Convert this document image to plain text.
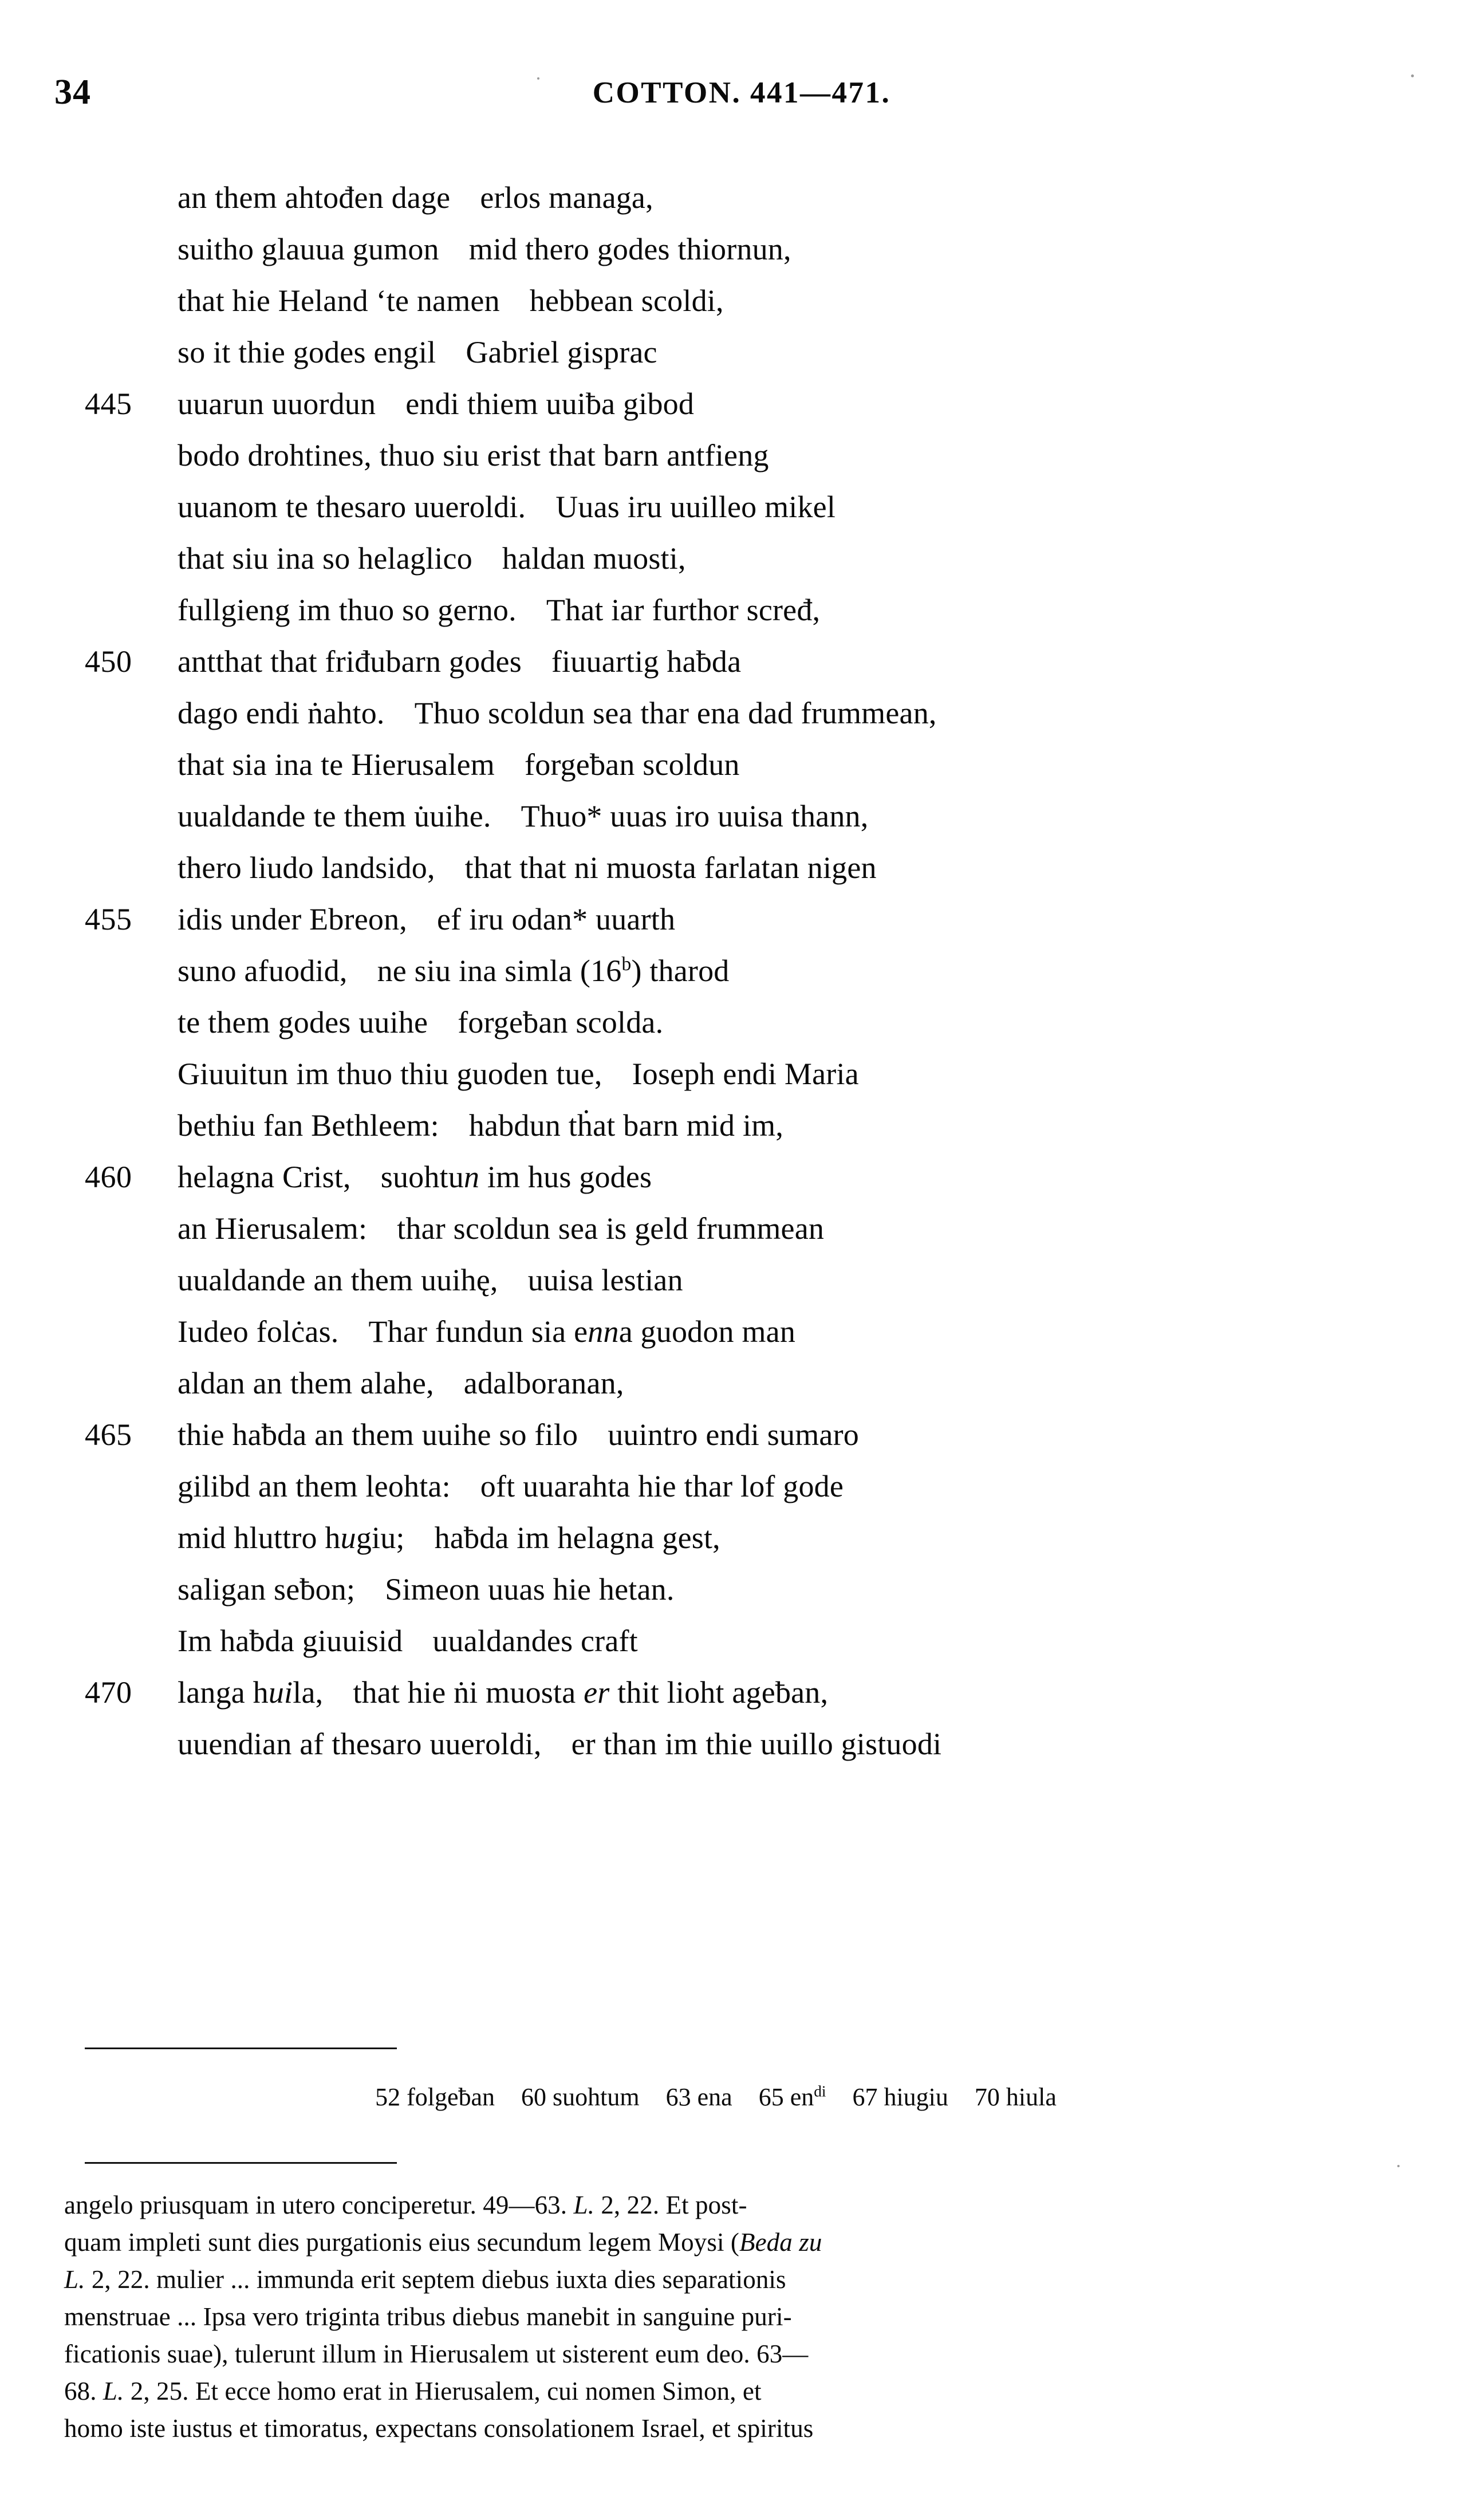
34	COTTON. 441—471.
an them ahtođen dage erlos managa,
suitho glauua gumon mid thero godes thiornun,
that hie Heland ʻte namen hebbean scoldi,
so it thie godes engil Gabriel gisprac
445	uuarun uuordun endi thiem uuiƀa gibod
bodo drohtines, thuo siu erist that barn antfieng
uuanom te thesaro uueroldi. Uuas iru uuilleo mikel
that siu ina so helaglico haldan muosti,
fullgieng im thuo so gerno. That iar furthor scređ,
450	antthat that friđubarn godes fiuuartig haƀda
dago endi ṅahto. Thuo scoldun sea thar ena dad frummean,
that sia ina te Hierusalem forgeƀan scoldun
uualdande te them u̇uihe. Thuo* uuas iro uuisa thann,
thero liudo landsido, that that ni muosta farlatan nigen
455	idis under Ebreon, ef iru odan* uuarth
suno afuodid, ne siu ina simla (16$^b$) tharod
te them godes uuihe forgeƀan scolda.
Giuuitun im thuo thiu guoden tue, Ioseph endi Maria
bethiu fan Bethleem: habdun tḣat barn mid im,
460	helagna Crist, suohtun im hus godes
an Hierusalem: thar scoldun sea is geld frummean
uualdande an them uuihę, uuisa lestian
Iudeo folċas. Thar fundun sia enna guodon man
aldan an them alahe, adalboranan,
465	thie haƀda an them uuihe so filo uuintro endi sumaro
gilibd an them leohta: oft uuarahta hie thar lof gode
mid hluttro hugiu; haƀda im helagna gest,
saligan seƀon; Simeon uuas hie hetan.
Im haƀda giuuisid uualdandes craft
470	langa huila, that hie ṅi muosta er thit lioht ageƀan,
uuendian af thesaro uueroldi, er than im thie uuillo gistuodi
52 folgeƀan 60 suohtum 63 ena 65 $en^{di}$ 67 hiugiu 70 hiula
angelo priusquam in utero conciperetur. 49—63. L. 2, 22. Et post-
quam impleti sunt dies purgationis eius secundum legem Moysi (Beda zu
L. 2, 22. mulier ... immunda erit septem diebus iuxta dies separationis
menstruae ... Ipsa vero triginta tribus diebus manebit in sanguine puri-
ficationis suae), tulerunt illum in Hierusalem ut sisterent eum deo. 63—
68. L. 2, 25. Et ecce homo erat in Hierusalem, cui nomen Simon, et
homo iste iustus et timoratus, expectans consolationem Israel, et spiritus
